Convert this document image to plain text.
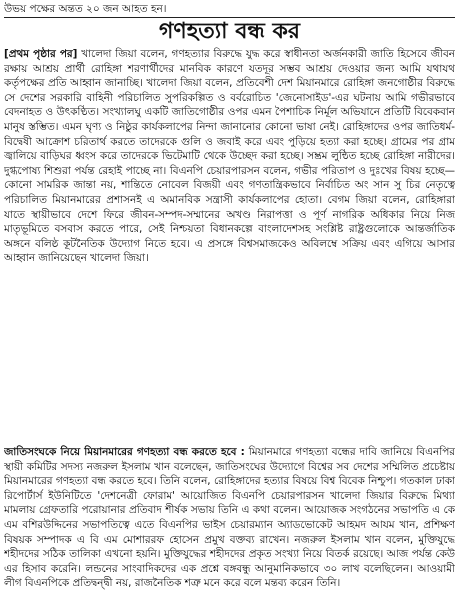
উভয় পক্ষের অন্তত ২০ জন আহত হন।
গণহত্যা বন্ধ কর

[প্রথম পৃষ্ঠার পর] খালেদা জিয়া বলেন, গণহত্যার বিরুদ্ধে যুদ্ধ করে স্বাধীনতা অর্জনকারী জাতি হিসেবে জীবন রক্ষায় আশ্রয় প্রার্থী রোহিঙ্গা শরণার্থীদের মানবিক কারণে যতদূর সম্ভব আশ্রয় দেওয়ার জন্য আমি যথাযথ কর্তৃপক্ষের প্রতি আহ্বান জানাচ্ছি। খালেদা জিয়া বলেন, প্রতিবেশী দেশ মিয়ানমারে রোহিঙ্গা জনগোষ্ঠীর বিরুদ্ধে সে দেশের সরকারি বাহিনী পরিচালিত সুপরিকল্পিত ও বর্বরোচিত 'জেনোসাইড'-এর ঘটনায় আমি গভীরভাবে বেদনাহত ও উৎকণ্ঠিত। সংখ্যালঘু একটি জাতিগোষ্ঠীর ওপর এমন পৈশাচিক নির্মূল অভিযানে প্রতিটি বিবেকবান মানুষ স্তম্ভিত। এমন ঘৃণ্য ও নিষ্ঠুর কার্যকলাপের নিন্দা জানানোর কোনো ভাষা নেই। রোহিঙ্গাদের ওপর জাতিধর্ম-বিদ্বেষী আক্রোশ চরিতার্থ করতে তাদেরকে গুলি ও জবাই করে এবং পুড়িয়ে হত্যা করা হচ্ছে। গ্রামের পর গ্রাম জ্বালিয়ে বাড়িঘর ধ্বংস করে তাদেরকে ভিটেমাটি থেকে উচ্ছেদ করা হচ্ছে। সম্ভ্রম লুন্ঠিত হচ্ছে রোহিঙ্গা নারীদের। দুগ্ধপোষ্য শিশুরা পর্যন্ত রেহাই পাচ্ছে না। বিএনপি চেয়ারপারসন বলেন, গভীর পরিতাপ ও দুঃখের বিষয় হচ্ছে— কোনো সামরিক জান্তা নয়, শান্তিতে নোবেল বিজয়ী এবং গণতান্ত্রিকভাবে নির্বাচিত অং সান সু চির নেতৃত্বে পরিচালিত মিয়ানমারের প্রশাসনই এ অমানবিক সন্ত্রাসী কার্যকলাপের হোতা। বেগম জিয়া বলেন, রোহিঙ্গারা যাতে স্থায়ীভাবে দেশে ফিরে জীবন-সম্পদ-সম্মানের অখণ্ড নিরাপত্তা ও পূর্ণ নাগরিক অধিকার নিয়ে নিজ মাতৃভূমিতে বসবাস করতে পারে, সেই নিশ্চয়তা বিধানকল্পে বাংলাদেশসহ সংশ্লিষ্ট রাষ্ট্রগুলোকে আন্তর্জাতিক অঙ্গনে বলিষ্ঠ কূটনৈতিক উদ্যোগ নিতে হবে। এ প্রসঙ্গে বিশ্বসমাজকেও অবিলম্বে সক্রিয় এবং এগিয়ে আসার আহ্বান জানিয়েছেন খালেদা জিয়া।

জাতিসংঘকে নিয়ে মিয়ানমারের গণহত্যা বন্ধ করতে হবে : মিয়ানমারে গণহত্যা বন্ধের দাবি জানিয়ে বিএনপির স্থায়ী কমিটির সদস্য নজরুল ইসলাম খান বলেছেন, জাতিসংঘের উদ্যোগে বিশ্বের সব দেশের সম্মিলিত প্রচেষ্টায় মিয়ানমারের গণহত্যা বন্ধ করতে হবে। তিনি বলেন, রোহিঙ্গাদের হত্যার বিষয়ে বিশ্ব বিবেক নিশ্চুপ। গতকাল ঢাকা রিপোর্টার্স ইউনিটিতে 'দেশনেত্রী ফোরাম' আয়োজিত বিএনপি চেয়ারপারসন খালেদা জিয়ার বিরুদ্ধে মিথ্যা মামলায় গ্রেফতারি পরোয়ানার প্রতিবাদ শীর্ষক সভায় তিনি এ কথা বলেন। আয়োজক সংগঠনের সভাপতি এ কে এম বশিরউদ্দিনের সভাপতিত্বে এতে বিএনপির ভাইস চেয়ারম্যান অ্যাডভোকেট আহমদ আযম খান, প্রশিক্ষণ বিষয়ক সম্পাদক এ বি এম মোশাররফ হোসেন প্রমুখ বক্তব্য রাখেন। নজরুল ইসলাম খান বলেন, মুক্তিযুদ্ধে শহীদদের সঠিক তালিকা এখনো হয়নি। মুক্তিযুদ্ধের শহীদদের প্রকৃত সংখ্যা নিয়ে বিতর্ক রয়েছে। আজ পর্যন্ত কেউ এর হিসাব করেনি। লন্ডনের সাংবাদিকদের এক প্রশ্নে বঙ্গবন্ধু আনুমানিকভাবে ৩০ লাখ বলেছিলেন। আওয়ামী লীগ বিএনপিকে প্রতিদ্বন্দ্বী নয়, রাজনৈতিক শত্রু মনে করে বলে মন্তব্য করেন তিনি।
